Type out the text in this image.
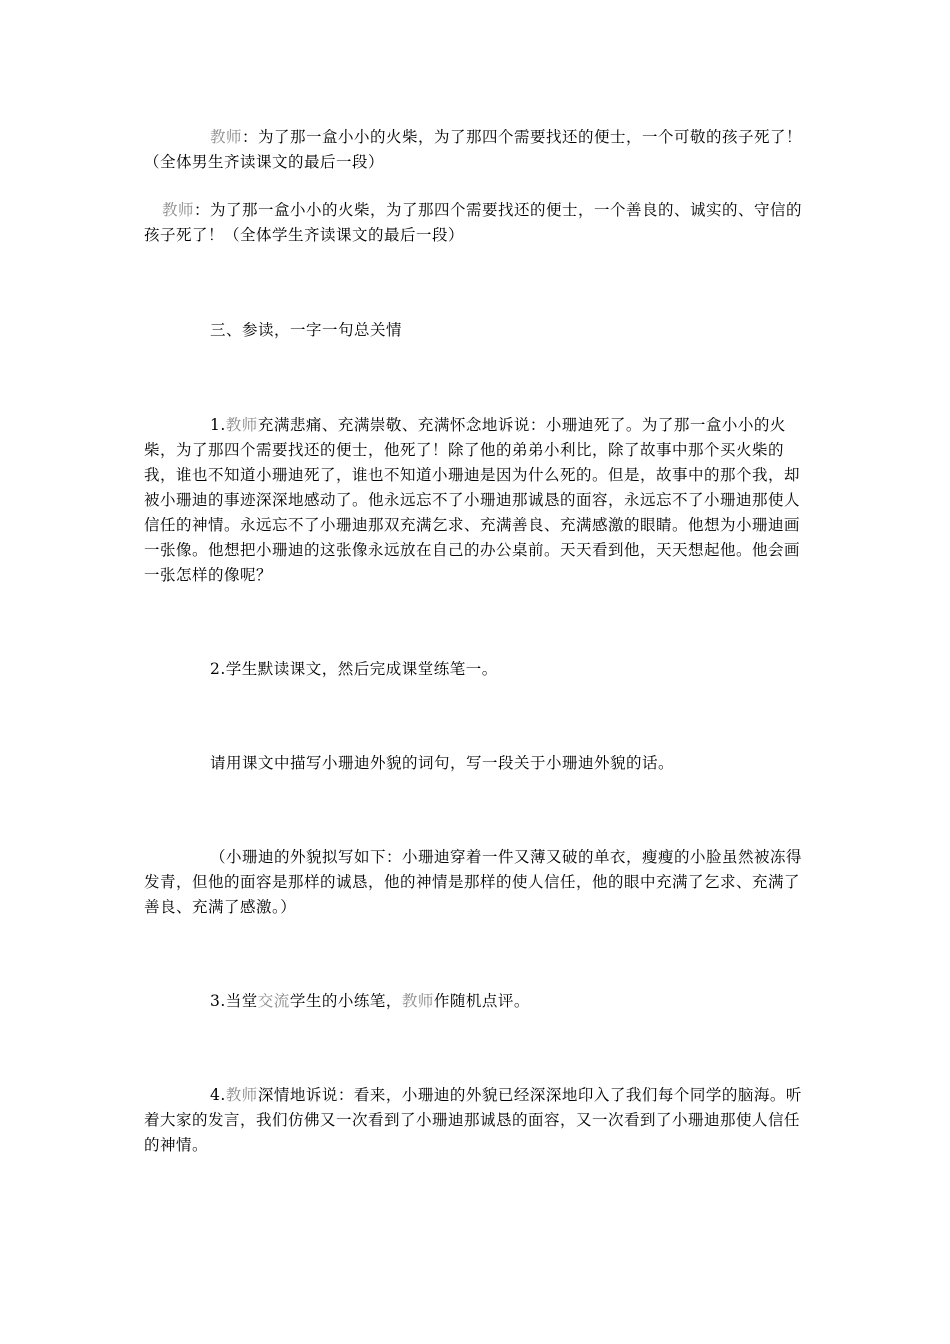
教师：为了那一盒小小的火柴，为了那四个需要找还的便士，一个可敬的孩子死了！（全体男生齐读课文的最后一段）

教师：为了那一盒小小的火柴，为了那四个需要找还的便士，一个善良的、诚实的、守信的孩子死了！（全体学生齐读课文的最后一段）

三、参读，一字一句总关情

1.教师充满悲痛、充满崇敬、充满怀念地诉说：小珊迪死了。为了那一盒小小的火柴，为了那四个需要找还的便士，他死了！除了他的弟弟小利比，除了故事中那个买火柴的我，谁也不知道小珊迪死了，谁也不知道小珊迪是因为什么死的。但是，故事中的那个我，却被小珊迪的事迹深深地感动了。他永远忘不了小珊迪那诚恳的面容，永远忘不了小珊迪那使人信任的神情。永远忘不了小珊迪那双充满乞求、充满善良、充满感激的眼睛。他想为小珊迪画一张像。他想把小珊迪的这张像永远放在自己的办公桌前。天天看到他，天天想起他。他会画一张怎样的像呢？

2.学生默读课文，然后完成课堂练笔一。

请用课文中描写小珊迪外貌的词句，写一段关于小珊迪外貌的话。

（小珊迪的外貌拟写如下：小珊迪穿着一件又薄又破的单衣，瘦瘦的小脸虽然被冻得发青，但他的面容是那样的诚恳，他的神情是那样的使人信任，他的眼中充满了乞求、充满了善良、充满了感激。）

3.当堂交流学生的小练笔，教师作随机点评。

4.教师深情地诉说：看来，小珊迪的外貌已经深深地印入了我们每个同学的脑海。听着大家的发言，我们仿佛又一次看到了小珊迪那诚恳的面容，又一次看到了小珊迪那使人信任的神情。
